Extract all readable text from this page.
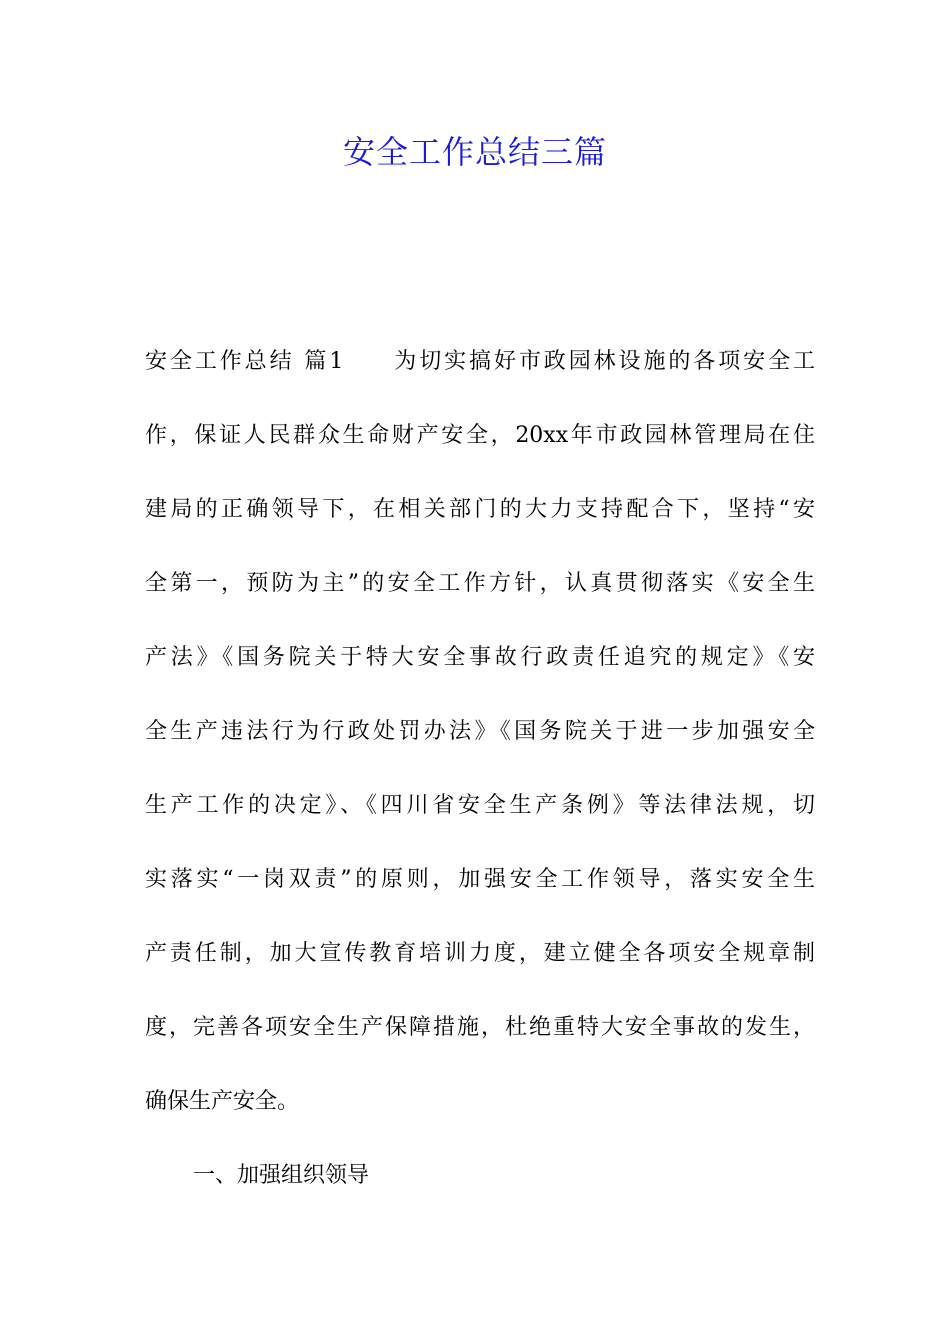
安全工作总结三篇
安全工作总结 篇1 为切实搞好市政园林设施的各项安全工
作，保证人民群众生命财产安全，20xx年市政园林管理局在住
建局的正确领导下，在相关部门的大力支持配合下，坚持“安
全第一，预防为主”的安全工作方针，认真贯彻落实《安全生
产法》《国务院关于特大安全事故行政责任追究的规定》《安
全生产违法行为行政处罚办法》《国务院关于进一步加强安全
生产工作的决定》、《四川省安全生产条例》等法律法规，切
实落实“一岗双责”的原则，加强安全工作领导，落实安全生
产责任制，加大宣传教育培训力度，建立健全各项安全规章制
度，完善各项安全生产保障措施，杜绝重特大安全事故的发生，
确保生产安全。
一、加强组织领导
